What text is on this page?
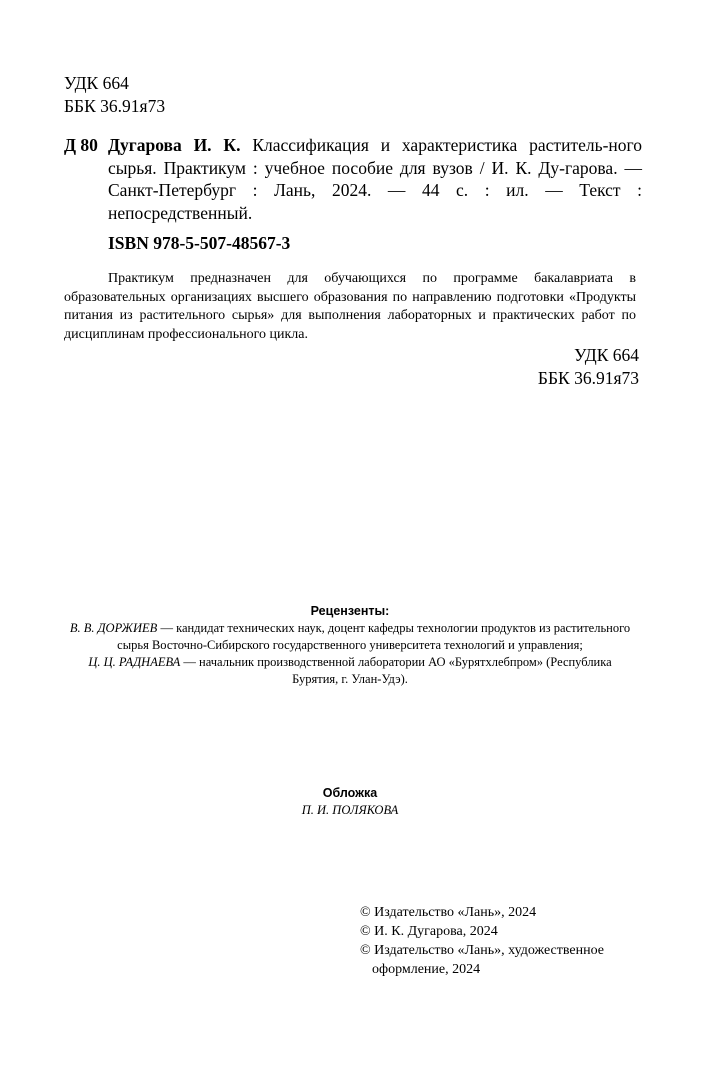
УДК 664
ББК 36.91я73
Д 80 Дугарова И. К. Классификация и характеристика раститель-ного сырья. Практикум : учебное пособие для вузов / И. К. Ду-гарова. — Санкт-Петербург : Лань, 2024. — 44 с. : ил. — Текст : непосредственный.
ISBN 978-5-507-48567-3
Практикум предназначен для обучающихся по программе бакалавриата в образовательных организациях высшего образования по направлению подготовки «Продукты питания из растительного сырья» для выполнения лабораторных и практических работ по дисциплинам профессионального цикла.
УДК 664
ББК 36.91я73
Рецензенты:
В. В. ДОРЖИЕВ — кандидат технических наук, доцент кафедры технологии продуктов из растительного сырья Восточно-Сибирского государственного университета технологий и управления;
Ц. Ц. РАДНАЕВА — начальник производственной лаборатории АО «Бурятхлебпром» (Республика Бурятия, г. Улан-Удэ).
Обложка
П. И. ПОЛЯКОВА
© Издательство «Лань», 2024
© И. К. Дугарова, 2024
© Издательство «Лань», художественное
оформление, 2024
